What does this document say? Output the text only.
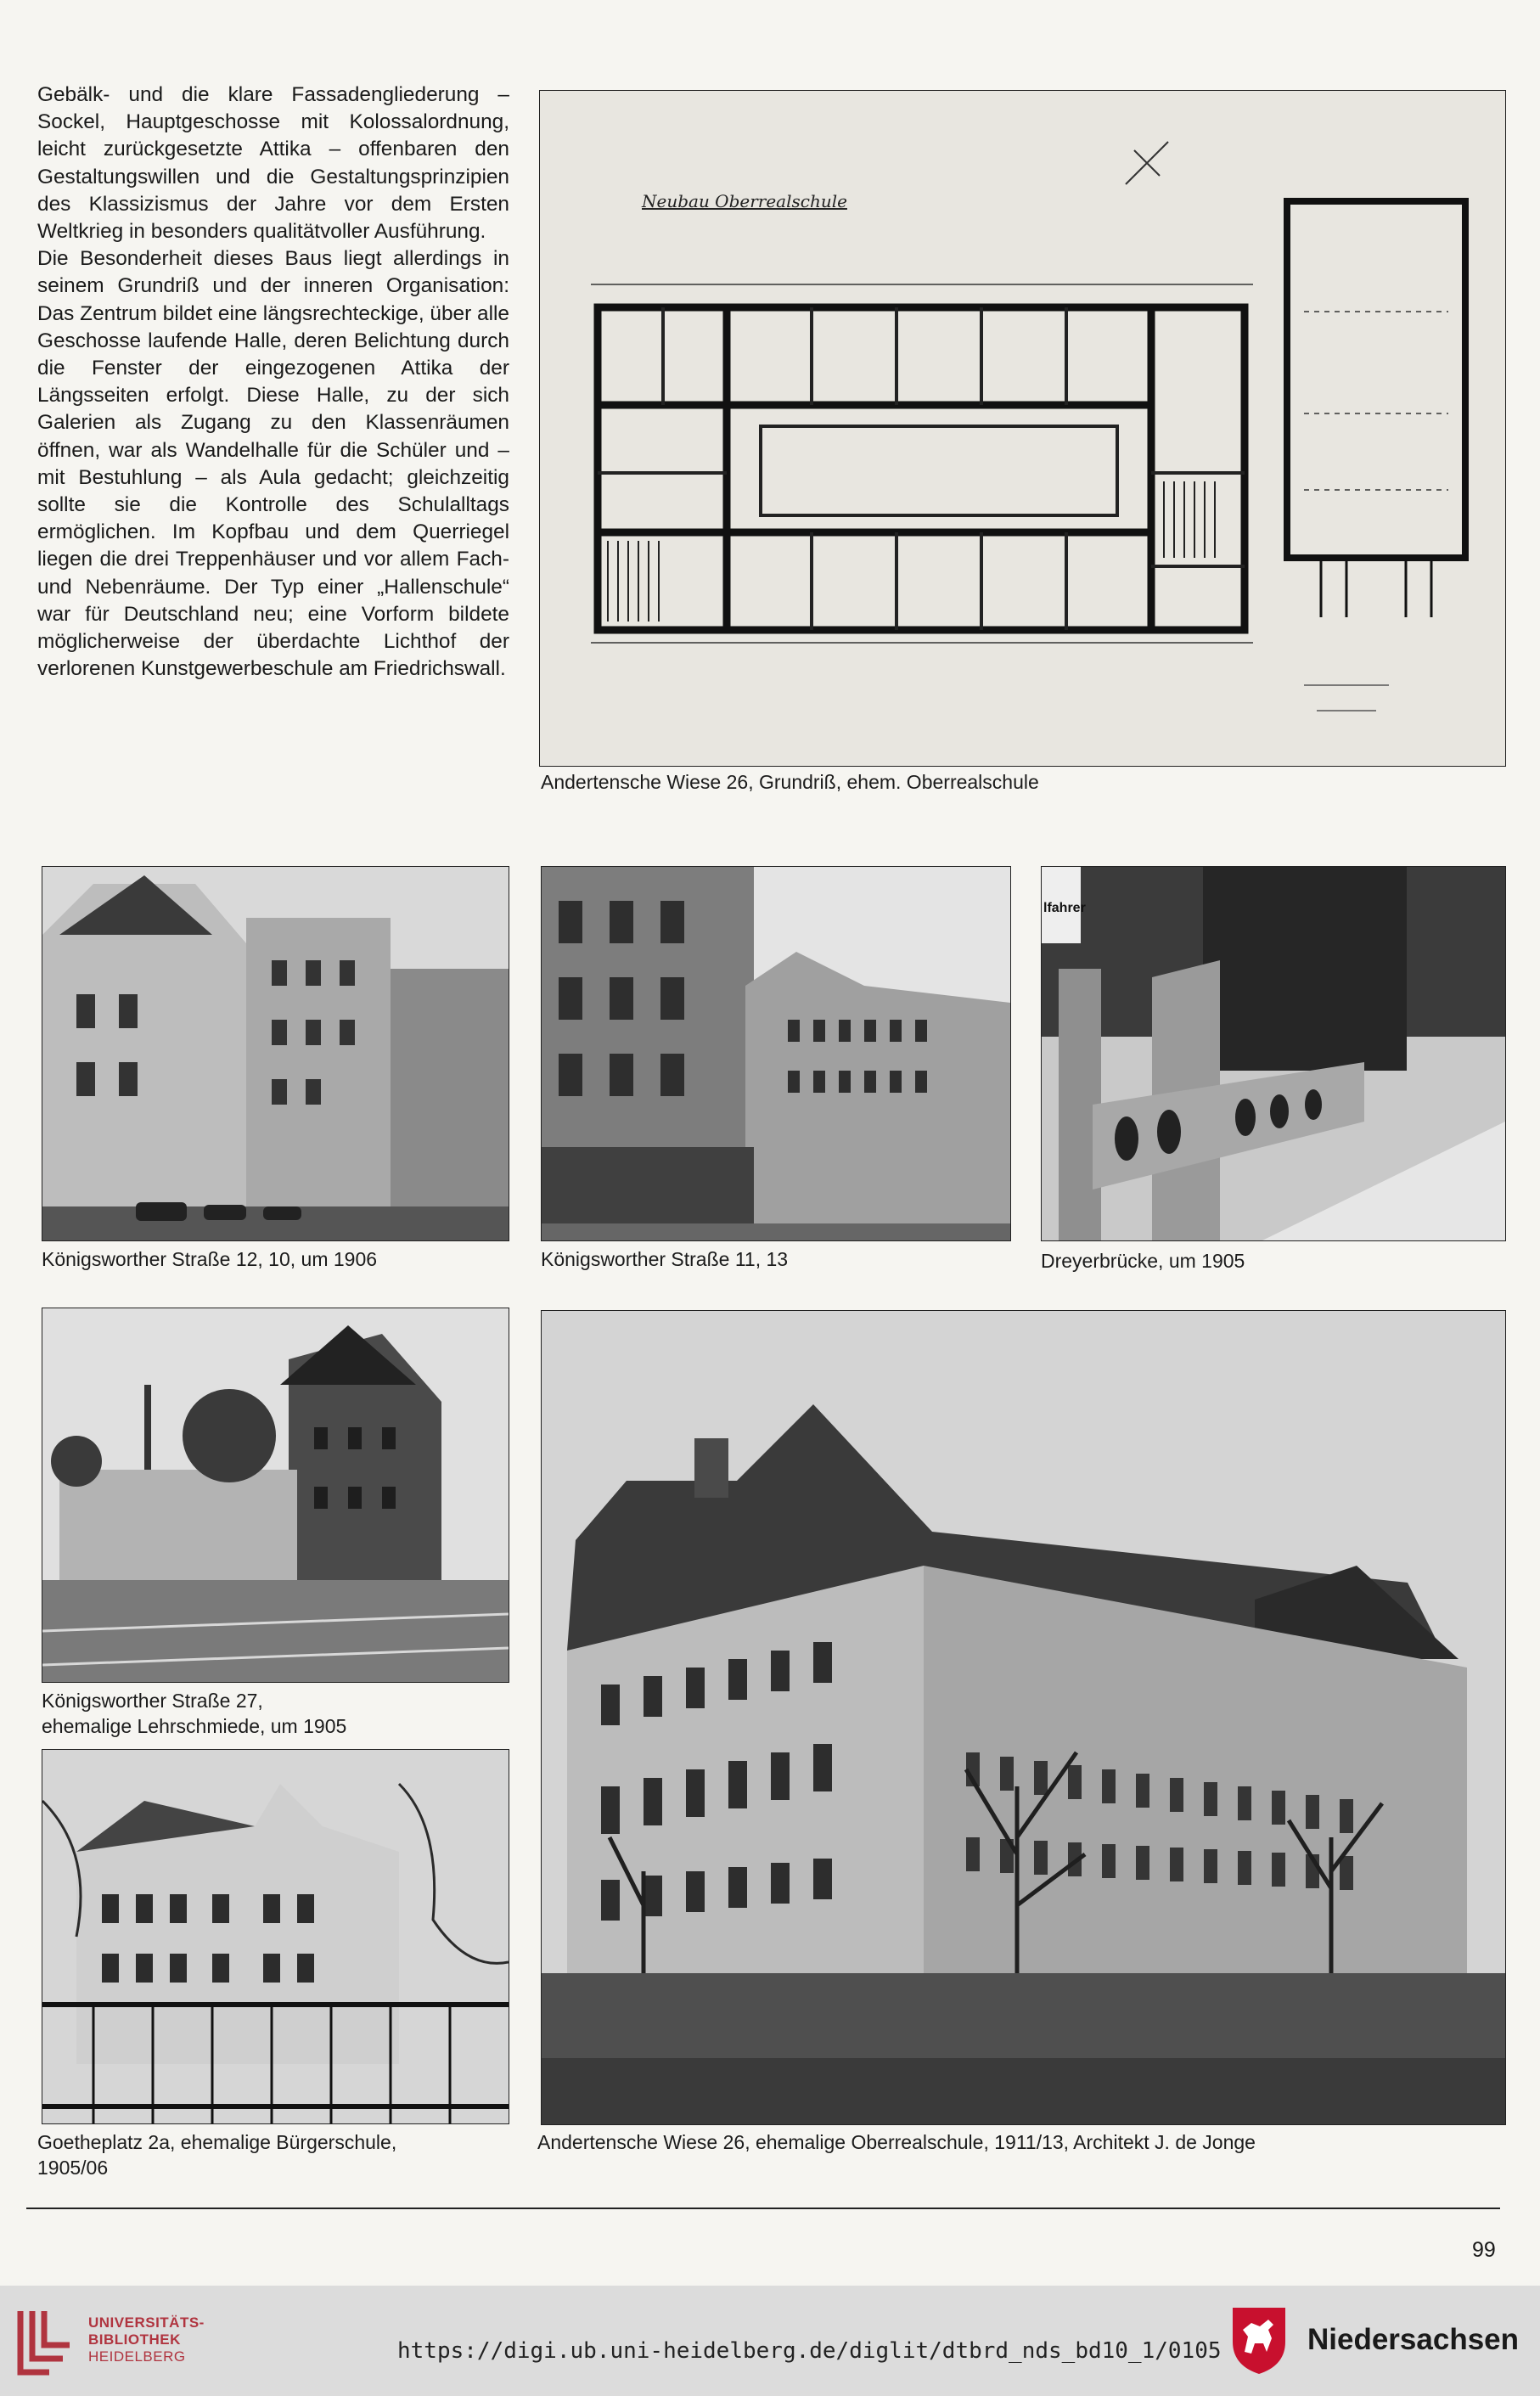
Gebälk- und die klare Fassadengliederung – Sockel, Hauptgeschosse mit Kolossalordnung, leicht zurückgesetzte Attika – offenbaren den Gestaltungswillen und die Gestaltungsprinzipien des Klassizismus der Jahre vor dem Ersten Weltkrieg in besonders qualitätvoller Ausführung.

Die Besonderheit dieses Baus liegt allerdings in seinem Grundriß und der inneren Organisation: Das Zentrum bildet eine längsrechteckige, über alle Geschosse laufende Halle, deren Belichtung durch die Fenster der eingezogenen Attika der Längsseiten erfolgt. Diese Halle, zu der sich Galerien als Zugang zu den Klassenräumen öffnen, war als Wandelhalle für die Schüler und – mit Bestuhlung – als Aula gedacht; gleichzeitig sollte sie die Kontrolle des Schulalltags ermöglichen. Im Kopfbau und dem Querriegel liegen die drei Treppenhäuser und vor allem Fach- und Nebenräume. Der Typ einer „Hallenschule“ war für Deutschland neu; eine Vorform bildete möglicherweise der überdachte Lichthof der verlorenen Kunstgewerbeschule am Friedrichswall.

Neubau Oberrealschule
Andertensche Wiese 26, Grundriß, ehem. Oberrealschule
Königsworther Straße 12, 10, um 1906	Königsworther Straße 11, 13
lfahrer
Dreyerbrücke, um 1905
Königsworther Straße 27,
ehemalige Lehrschmiede, um 1905
Goetheplatz 2a, ehemalige Bürgerschule,
1905/06
Andertensche Wiese 26, ehemalige Oberrealschule, 1911/13, Architekt J. de Jonge
99
UNIVERSITÄTS-
BIBLIOTHEK
HEIDELBERG	https://digi.ub.uni-heidelberg.de/diglit/dtbrd_nds_bd10_1/0105	Niedersachsen
